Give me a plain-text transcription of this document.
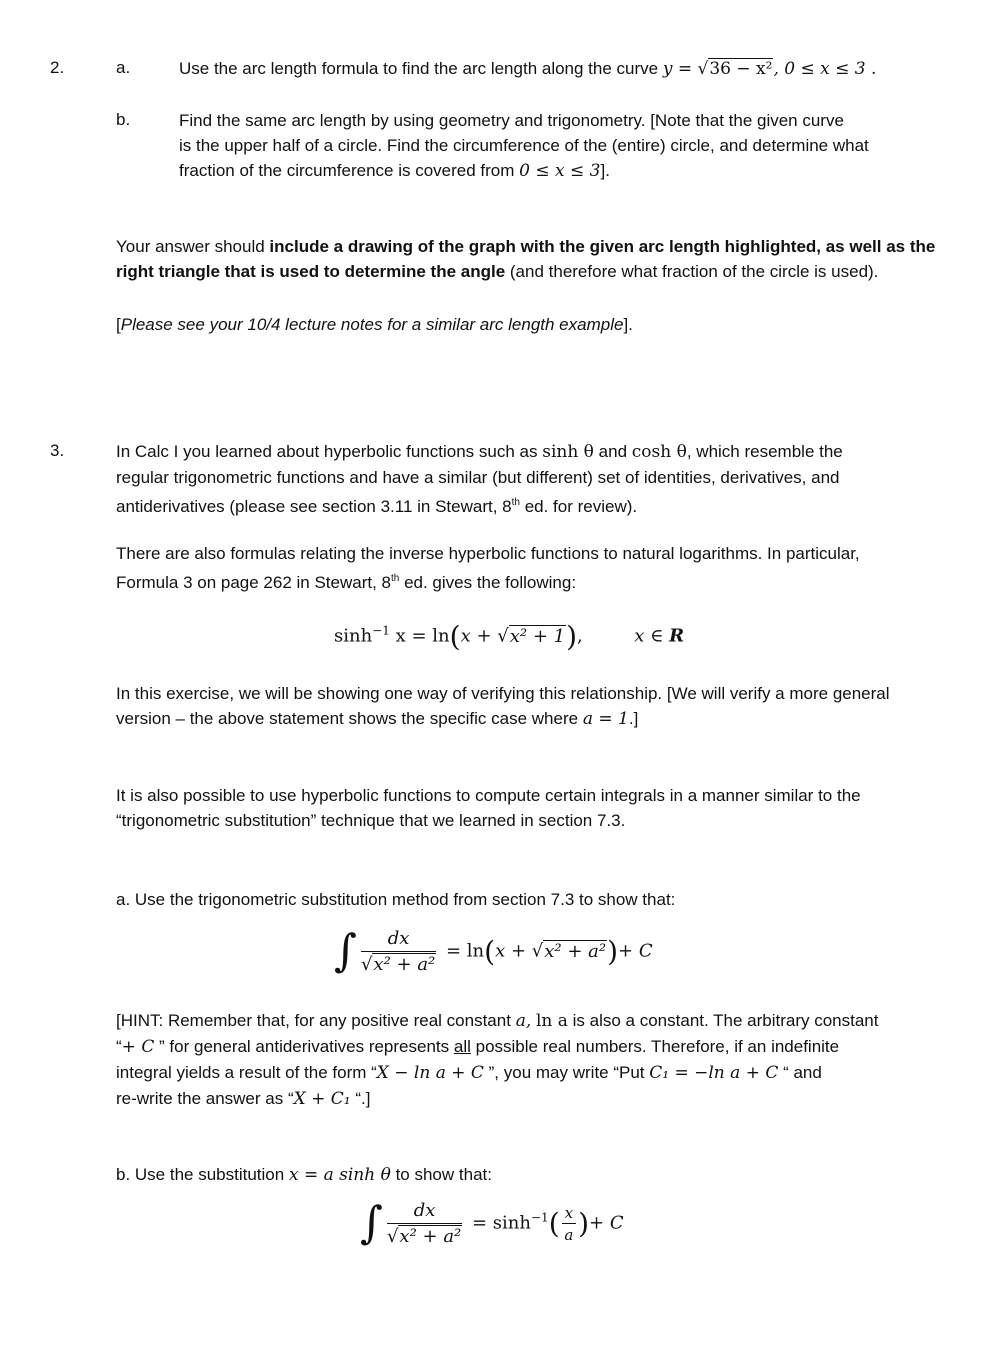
2.	a.	Use the arc length formula to find the arc length along the curve y = √36 − x², 0 ≤ x ≤ 3 .
b.	Find the same arc length by using geometry and trigonometry. [Note that the given curve
is the upper half of a circle. Find the circumference of the (entire) circle, and determine what
fraction of the circumference is covered from 0 ≤ x ≤ 3].
Your answer should include a drawing of the graph with the given arc length highlighted, as well as the
right triangle that is used to determine the angle (and therefore what fraction of the circle is used).
[Please see your 10/4 lecture notes for a similar arc length example].
3.	In Calc I you learned about hyperbolic functions such as sinh θ and cosh θ, which resemble the
regular trigonometric functions and have a similar (but different) set of identities, derivatives, and
antiderivatives (please see section 3.11 in Stewart, 8th ed. for review).
There are also formulas relating the inverse hyperbolic functions to natural logarithms. In particular,
Formula 3 on page 262 in Stewart, 8th ed. gives the following:
$\sinh^{-1} x = \ln(x + √x^2 + 1)$,	x ∈ R
In this exercise, we will be showing one way of verifying this relationship. [We will verify a more general
version – the above statement shows the specific case where a = 1.]
It is also possible to use hyperbolic functions to compute certain integrals in a manner similar to the
“trigonometric substitution” technique that we learned in section 7.3.
a. Use the trigonometric substitution method from section 7.3 to show that:
∫ $\frac{dx}{\text{√x² + a²}} = \ln(x + √x^2 + a^2)+ C$
[HINT: Remember that, for any positive real constant a, ln a is also a constant. The arbitrary constant
“+ C ” for general antiderivatives represents all possible real numbers. Therefore, if an indefinite
integral yields a result of the form “X − ln a + C ”, you may write “Put C₁ = −ln a + C “ and
re-write the answer as “X + C₁ “.]
b. Use the substitution x = a sinh θ to show that:
∫ $\frac{dx}{\text{√x² + a²}} = \sinh^{-1}( \frac{x}{a}$ )+ C
